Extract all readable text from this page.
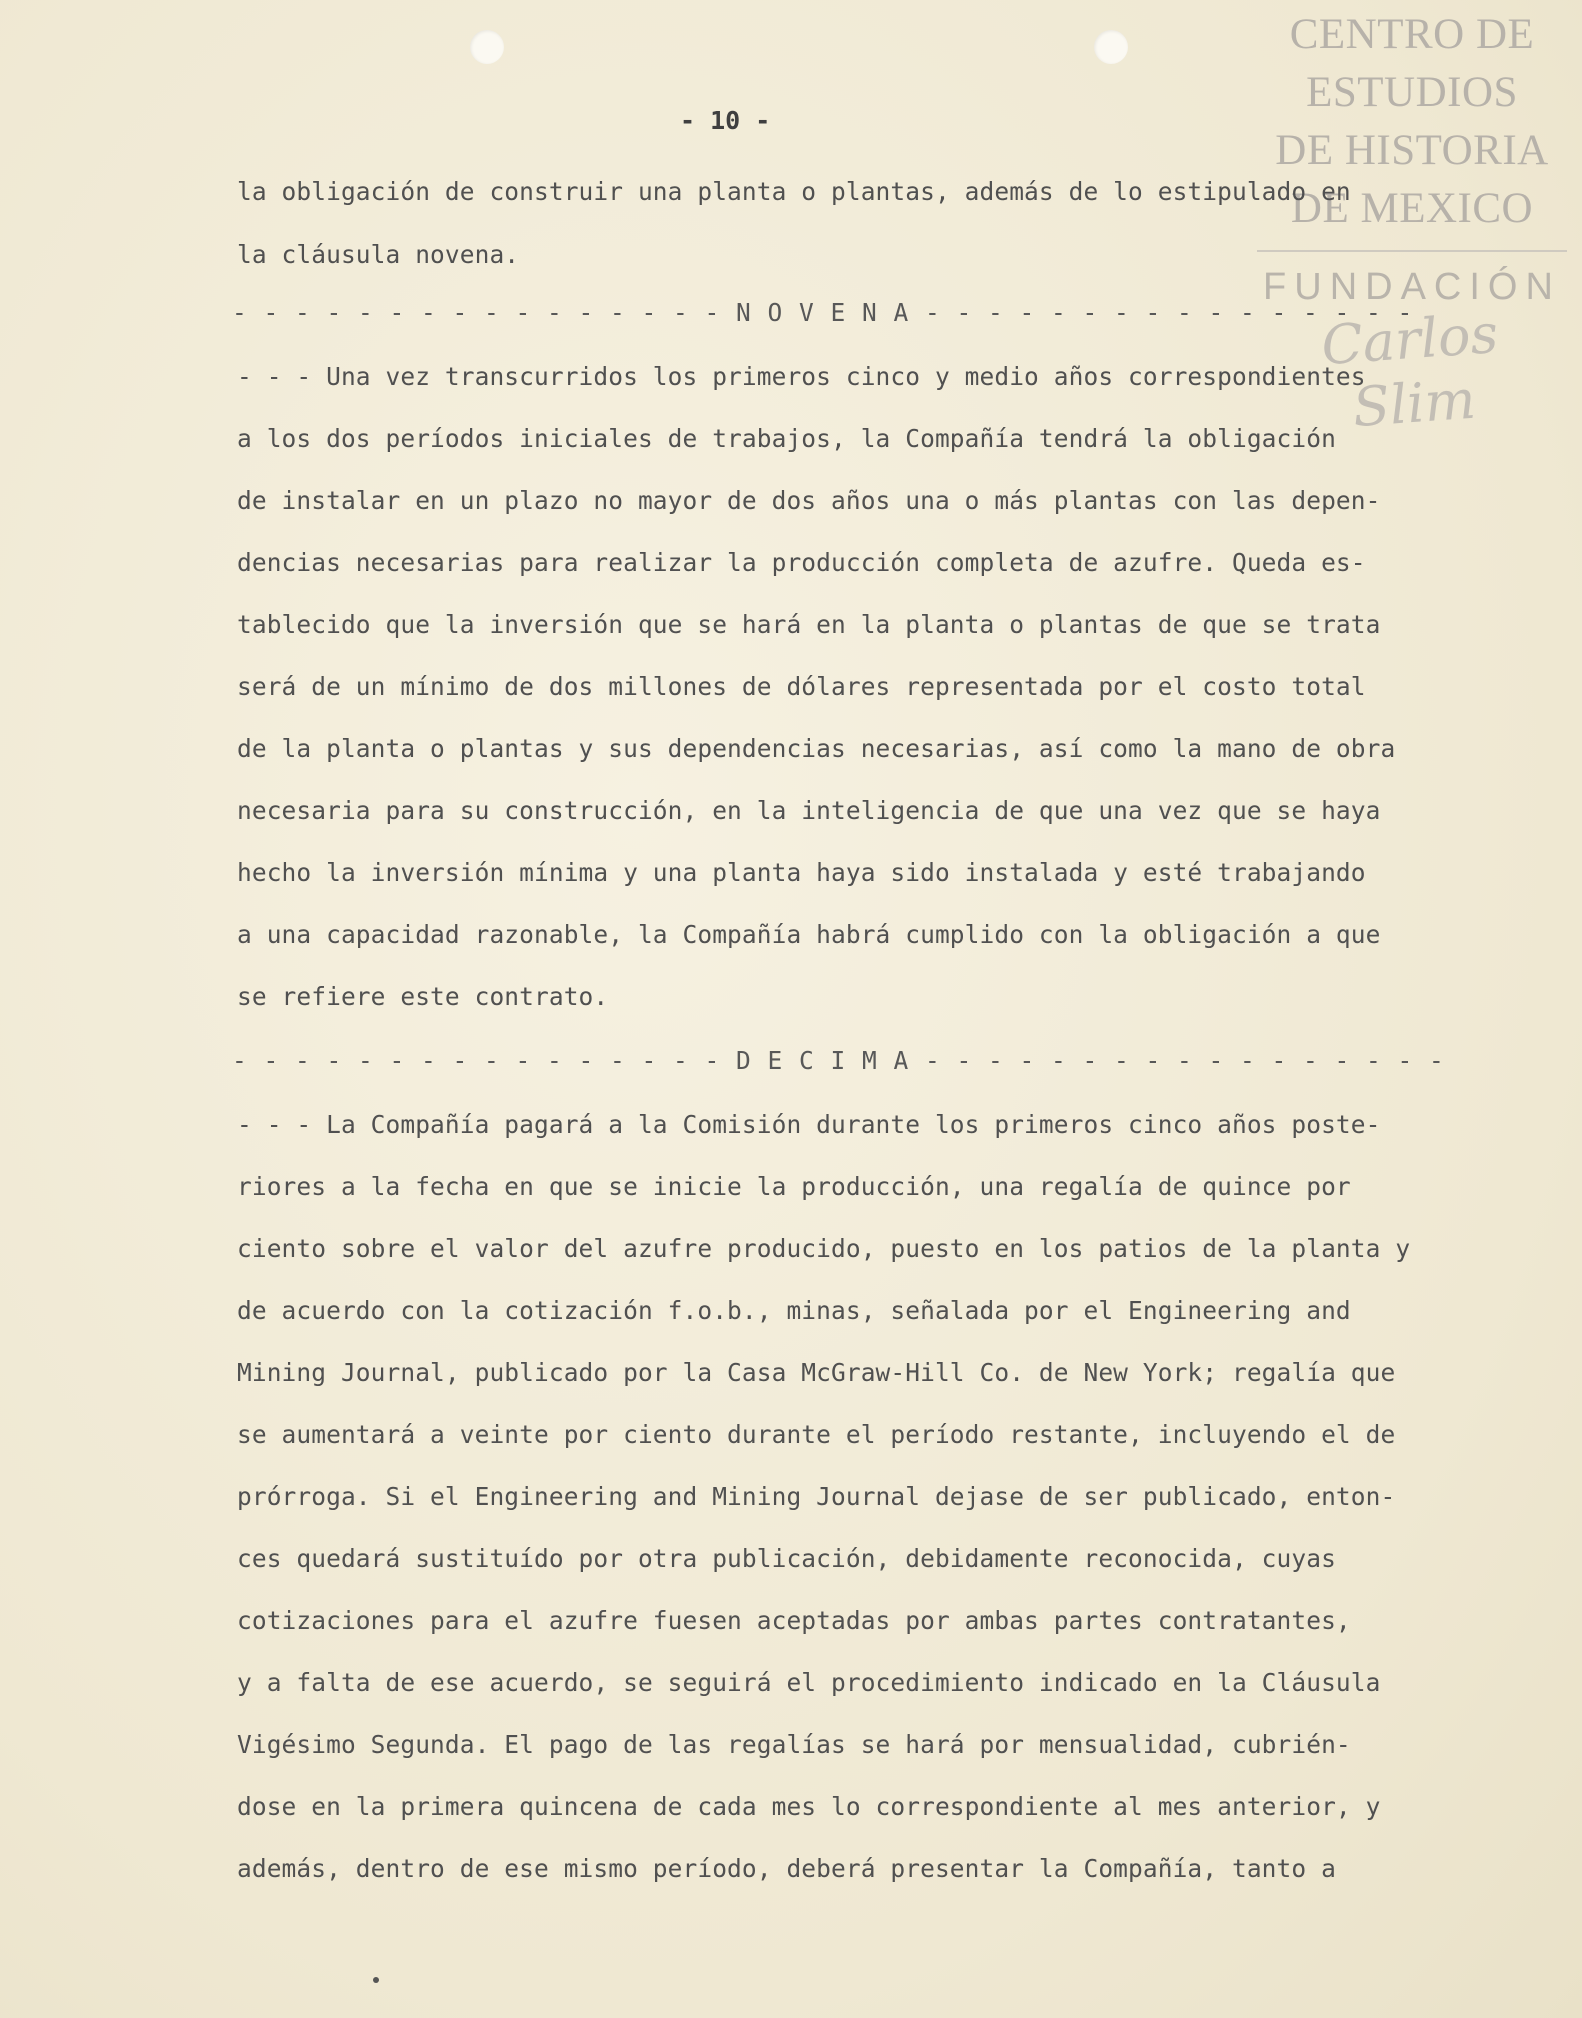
CENTRO DE
ESTUDIOS
DE HISTORIA
DE MEXICO
FUNDACIÓN
Carlos Slim
- 10 -
la obligación de construir una planta o plantas, además de lo estipulado en
la cláusula novena.
- - - - - - - - - - - - - - - - N O V E N A - - - - - - - - - - - - - - - -
- - - Una vez transcurridos los primeros cinco y medio años correspondientes
a los dos períodos iniciales de trabajos, la Compañía tendrá la obligación
de instalar en un plazo no mayor de dos años una o más plantas con las depen-
dencias necesarias para realizar la producción completa de azufre. Queda es-
tablecido que la inversión que se hará en la planta o plantas de que se trata
será de un mínimo de dos millones de dólares representada por el costo total
de la planta o plantas y sus dependencias necesarias, así como la mano de obra
necesaria para su construcción, en la inteligencia de que una vez que se haya
hecho la inversión mínima y una planta haya sido instalada y esté trabajando
a una capacidad razonable, la Compañía habrá cumplido con la obligación a que
se refiere este contrato.
- - - - - - - - - - - - - - - - D E C I M A - - - - - - - - - - - - - - - - -
- - - La Compañía pagará a la Comisión durante los primeros cinco años poste-
riores a la fecha en que se inicie la producción, una regalía de quince por
ciento sobre el valor del azufre producido, puesto en los patios de la planta y
de acuerdo con la cotización f.o.b., minas, señalada por el Engineering and
Mining Journal, publicado por la Casa McGraw-Hill Co. de New York; regalía que
se aumentará a veinte por ciento durante el período restante, incluyendo el de
prórroga. Si el Engineering and Mining Journal dejase de ser publicado, enton-
ces quedará sustituído por otra publicación, debidamente reconocida, cuyas
cotizaciones para el azufre fuesen aceptadas por ambas partes contratantes,
y a falta de ese acuerdo, se seguirá el procedimiento indicado en la Cláusula
Vigésimo Segunda. El pago de las regalías se hará por mensualidad, cubrién-
dose en la primera quincena de cada mes lo correspondiente al mes anterior, y
además, dentro de ese mismo período, deberá presentar la Compañía, tanto a
